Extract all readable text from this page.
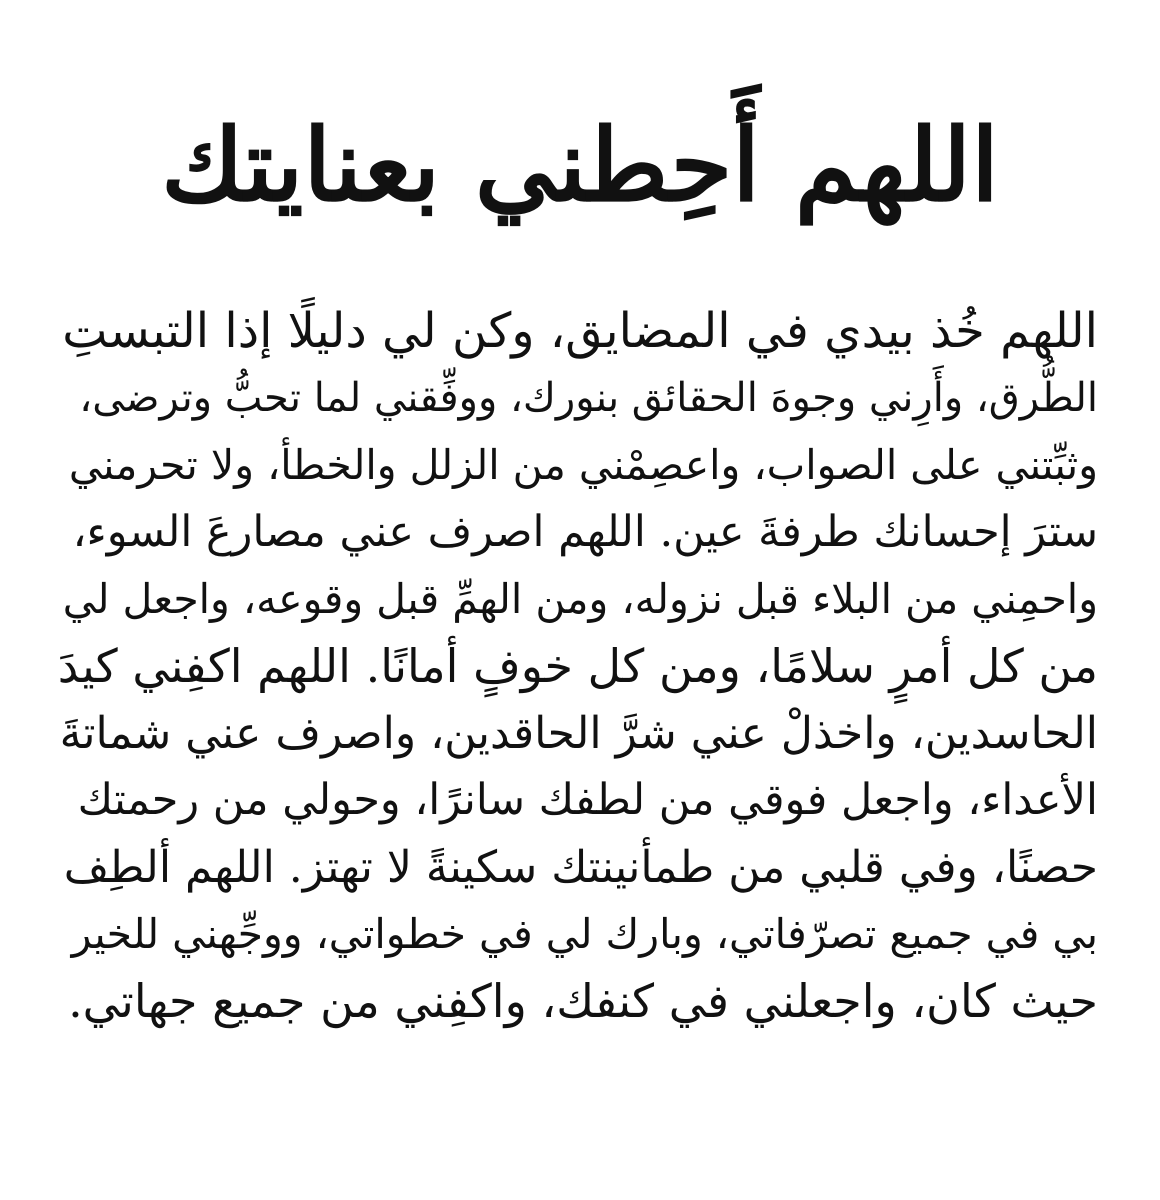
اللهم أَحِطني بعنايتك
اللهم خُذ بيدي في المضايق، وكن لي دليلًا إذا التبستِ
الطُّرق، وأَرِني وجوهَ الحقائق بنورك، ووفِّقني لما تحبُّ وترضى،
وثبِّتني على الصواب، واعصِمْني من الزلل والخطأ، ولا تحرمني
سترَ إحسانك طرفةَ عين. اللهم اصرف عني مصارعَ السوء،
واحمِني من البلاء قبل نزوله، ومن الهمِّ قبل وقوعه، واجعل لي
من كل أمرٍ سلامًا، ومن كل خوفٍ أمانًا. اللهم اكفِني كيدَ
الحاسدين، واخذلْ عني شرَّ الحاقدين، واصرف عني شماتةَ
الأعداء، واجعل فوقي من لطفك سانرًا، وحولي من رحمتك
حصنًا، وفي قلبي من طمأنينتك سكينةً لا تهتز. اللهم ألطِف
بي في جميع تصرّفاتي، وبارك لي في خطواتي، ووجِّهني للخير
حيث كان، واجعلني في كنفك، واكفِني من جميع جهاتي.
